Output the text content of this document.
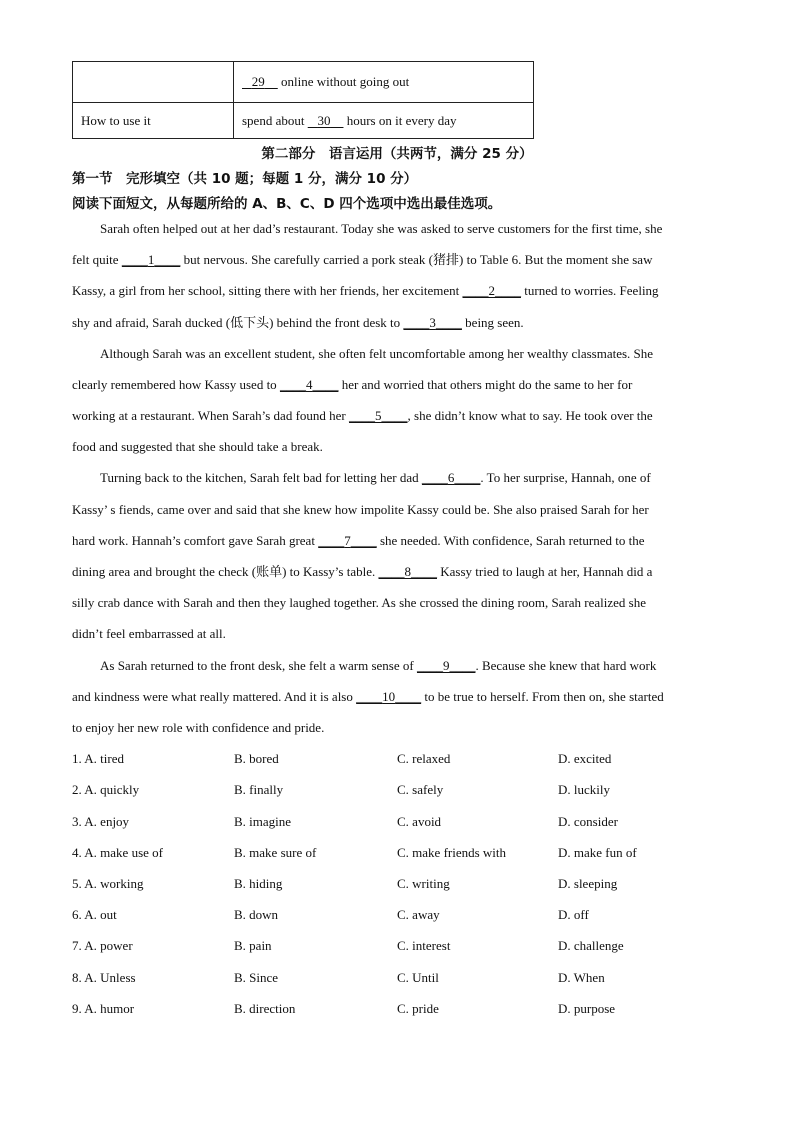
	29 online without going out
How to use it	spend about 30 hours on it every day
第二部分　语言运用（共两节，满分 25 分）
第一节　完形填空（共 10 题；每题 1 分，满分 10 分）
阅读下面短文，从每题所给的 A、B、C、D 四个选项中选出最佳选项。
Sarah often helped out at her dad’s restaurant. Today she was asked to serve customers for the first time, she
felt quite ____1____ but nervous. She carefully carried a pork steak (猪排) to Table 6. But the moment she saw
Kassy, a girl from her school, sitting there with her friends, her excitement ____2____ turned to worries. Feeling
shy and afraid, Sarah ducked (低下头) behind the front desk to ____3____ being seen.
Although Sarah was an excellent student, she often felt uncomfortable among her wealthy classmates. She
clearly remembered how Kassy used to ____4____ her and worried that others might do the same to her for
working at a restaurant. When Sarah’s dad found her ____5____, she didn’t know what to say. He took over the
food and suggested that she should take a break.
Turning back to the kitchen, Sarah felt bad for letting her dad ____6____. To her surprise, Hannah, one of
Kassy’ s fiends, came over and said that she knew how impolite Kassy could be. She also praised Sarah for her
hard work. Hannah’s comfort gave Sarah great ____7____ she needed. With confidence, Sarah returned to the
dining area and brought the check (账单) to Kassy’s table. ____8____ Kassy tried to laugh at her, Hannah did a
silly crab dance with Sarah and then they laughed together. As she crossed the dining room, Sarah realized she
didn’t feel embarrassed at all.
As Sarah returned to the front desk, she felt a warm sense of ____9____. Because she knew that hard work
and kindness were what really mattered. And it is also ____10____ to be true to herself. From then on, she started
to enjoy her new role with confidence and pride.
1. A. tired	B. bored	C. relaxed	D. excited
2. A. quickly	B. finally	C. safely	D. luckily
3. A. enjoy	B. imagine	C. avoid	D. consider
4. A. make use of	B. make sure of	C. make friends with	D. make fun of
5. A. working	B. hiding	C. writing	D. sleeping
6. A. out	B. down	C. away	D. off
7. A. power	B. pain	C. interest	D. challenge
8. A. Unless	B. Since	C. Until	D. When
9. A. humor	B. direction	C. pride	D. purpose
